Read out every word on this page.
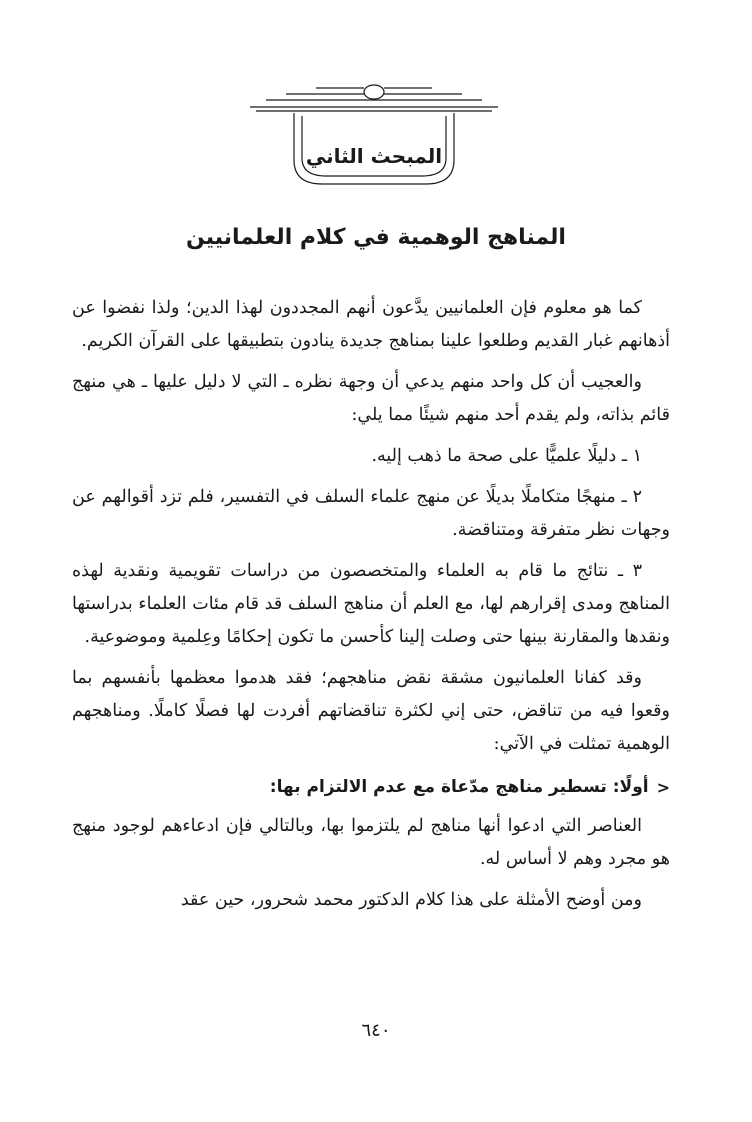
المبحث الثاني
المناهج الوهمية في كلام العلمانيين

كما هو معلوم فإن العلمانيين يدَّعون أنهم المجددون لهذا الدين؛ ولذا نفضوا عن أذهانهم غبار القديم وطلعوا علينا بمناهج جديدة ينادون بتطبيقها على القرآن الكريم.

والعجيب أن كل واحد منهم يدعي أن وجهة نظره ـ التي لا دليل عليها ـ هي منهج قائم بذاته، ولم يقدم أحد منهم شيئًا مما يلي:

١ ـ دليلًا علميًّا على صحة ما ذهب إليه.

٢ ـ منهجًا متكاملًا بديلًا عن منهج علماء السلف في التفسير، فلم تزد أقوالهم عن وجهات نظر متفرقة ومتناقضة.

٣ ـ نتائج ما قام به العلماء والمتخصصون من دراسات تقويمية ونقدية لهذه المناهج ومدى إقرارهم لها، مع العلم أن مناهج السلف قد قام مئات العلماء بدراستها ونقدها والمقارنة بينها حتى وصلت إلينا كأحسن ما تكون إحكامًا وعِلمية وموضوعية.

وقد كفانا العلمانيون مشقة نقض مناهجهم؛ فقد هدموا معظمها بأنفسهم بما وقعوا فيه من تناقض، حتى إني لكثرة تناقضاتهم أفردت لها فصلًا كاملًا. ومناهجهم الوهمية تمثلت في الآتي:

<
أولًا: تسطير مناهج مدّعاة مع عدم الالتزام بها:

العناصر التي ادعوا أنها مناهج لم يلتزموا بها، وبالتالي فإن ادعاءهم لوجود منهج هو مجرد وهم لا أساس له.

ومن أوضح الأمثلة على هذا كلام الدكتور محمد شحرور، حين عقد

٦٤٠
